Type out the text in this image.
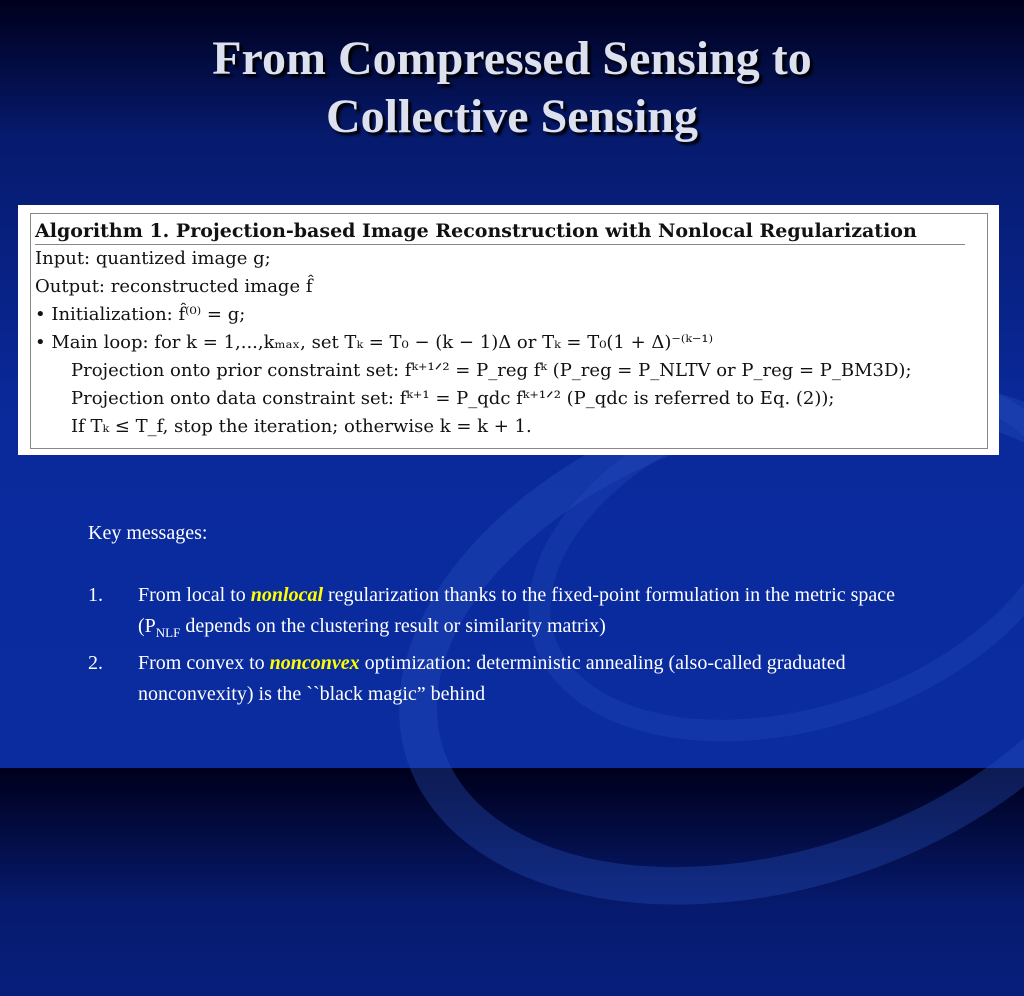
From Compressed Sensing to
Collective Sensing
Algorithm 1. Projection-based Image Reconstruction with Nonlocal Regularization
Input: quantized image g;
Output: reconstructed image f̂
• Initialization: f̂⁽⁰⁾ = g;
• Main loop: for k = 1,...,kₘₐₓ, set Tₖ = T₀ − (k − 1)Δ or Tₖ = T₀(1 + Δ)⁻⁽ᵏ⁻¹⁾
Projection onto prior constraint set: fᵏ⁺¹ᐟ² = P_reg fᵏ (P_reg = P_NLTV or P_reg = P_BM3D);
Projection onto data constraint set: fᵏ⁺¹ = P_qdc fᵏ⁺¹ᐟ² (P_qdc is referred to Eq. (2));
If Tₖ ≤ T_f, stop the iteration; otherwise k = k + 1.

Key messages:

1. From local to nonlocal regularization thanks to the fixed-point formulation in the metric space ($P_{NLF}$ depends on the clustering result or similarity matrix)
2. From convex to nonconvex optimization: deterministic annealing (also-called graduated nonconvexity) is the ``black magic” behind
